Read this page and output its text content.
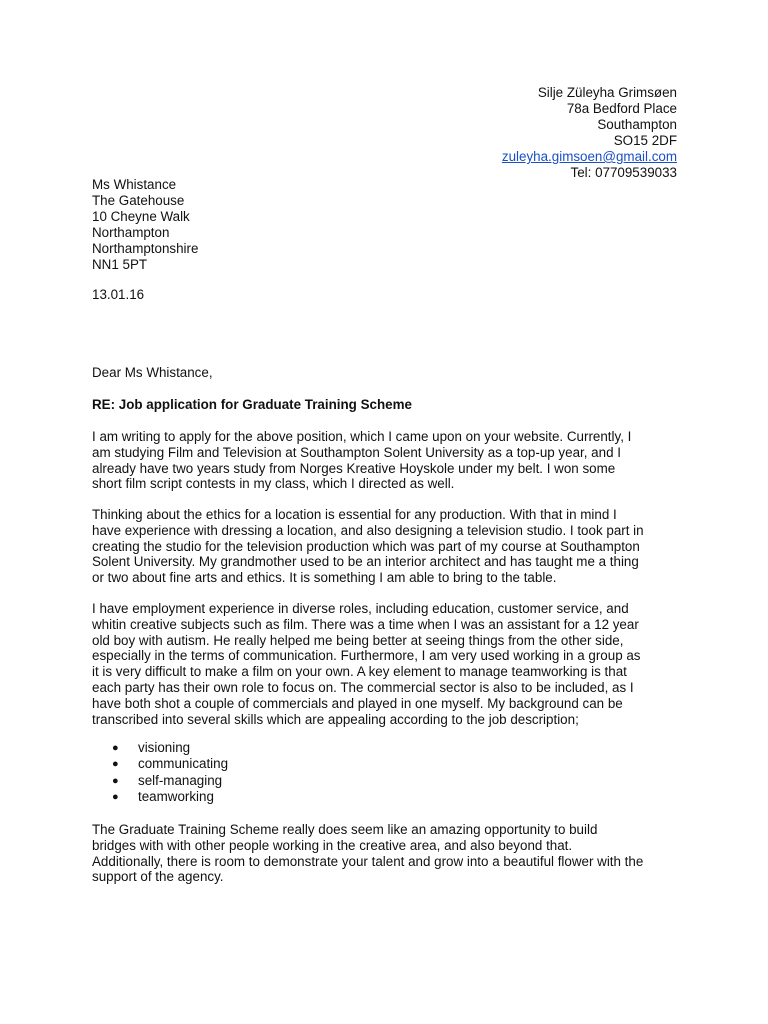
Silje Züleyha Grimsøen
78a Bedford Place
Southampton
SO15 2DF
zuleyha.gimsoen@gmail.com
Tel: 07709539033
Ms Whistance
The Gatehouse
10 Cheyne Walk
Northampton
Northamptonshire
NN1 5PT
13.01.16
Dear Ms Whistance,
RE: Job application for Graduate Training Scheme
I am writing to apply for the above position, which I came upon on your website. Currently, I
am studying Film and Television at Southampton Solent University as a top-up year, and I
already have two years study from Norges Kreative Hoyskole under my belt. I won some
short film script contests in my class, which I directed as well.
Thinking about the ethics for a location is essential for any production. With that in mind I
have experience with dressing a location, and also designing a television studio. I took part in
creating the studio for the television production which was part of my course at Southampton
Solent University. My grandmother used to be an interior architect and has taught me a thing
or two about fine arts and ethics. It is something I am able to bring to the table.
I have employment experience in diverse roles, including education, customer service, and
whitin creative subjects such as film. There was a time when I was an assistant for a 12 year
old boy with autism. He really helped me being better at seeing things from the other side,
especially in the terms of communication. Furthermore, I am very used working in a group as
it is very difficult to make a film on your own. A key element to manage teamworking is that
each party has their own role to focus on. The commercial sector is also to be included, as I
have both shot a couple of commercials and played in one myself. My background can be
transcribed into several skills which are appealing according to the job description;
● visioning
● communicating
● self-managing
● teamworking
The Graduate Training Scheme really does seem like an amazing opportunity to build
bridges with with other people working in the creative area, and also beyond that.
Additionally, there is room to demonstrate your talent and grow into a beautiful flower with the
support of the agency.
